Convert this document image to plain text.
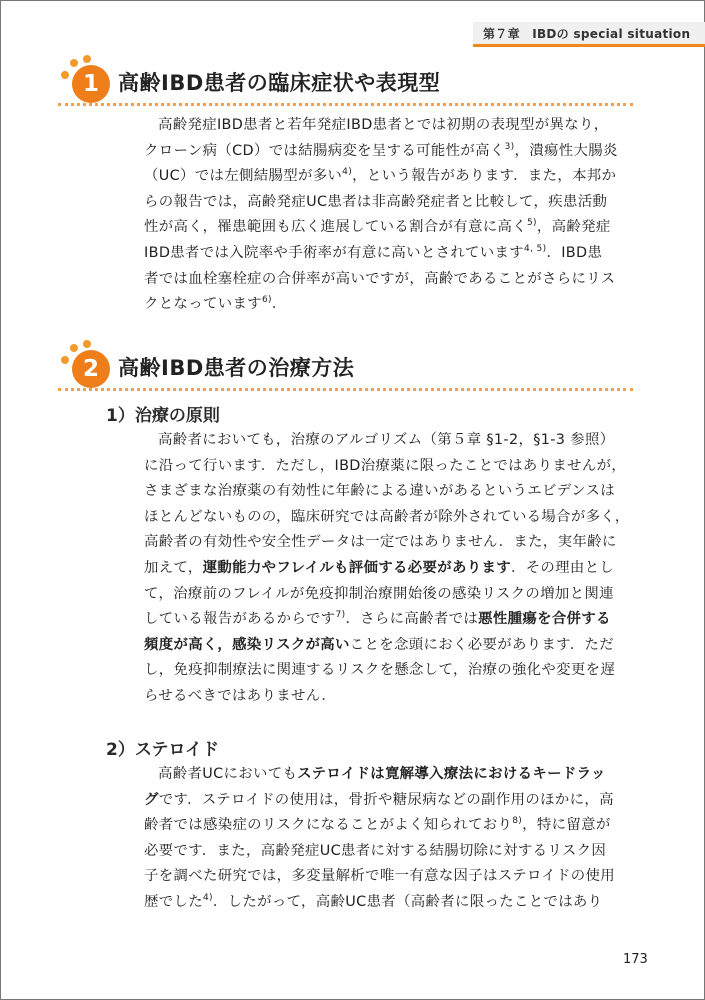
第７章　IBDの special situation
1 高齢IBD患者の臨床症状や表現型
高齢発症IBD患者と若年発症IBD患者とでは初期の表現型が異なり，
クローン病（CD）では結腸病変を呈する可能性が高く$^{3)}$，潰瘍性大腸炎
（UC）では左側結腸型が多い$^{4)}$，という報告があります．また，本邦か
らの報告では，高齢発症UC患者は非高齢発症者と比較して，疾患活動
性が高く，罹患範囲も広く進展している割合が有意に高く$^{5)}$，高齢発症
IBD患者では入院率や手術率が有意に高いとされています$^{4, 5)}$．IBD患
者では血栓塞栓症の合併率が高いですが，高齢であることがさらにリス
クとなっています$^{6)}$．
2 高齢IBD患者の治療方法
1）治療の原則
高齢者においても，治療のアルゴリズム（第５章 §1-2，§1-3 参照）
に沿って行います．ただし，IBD治療薬に限ったことではありませんが，
さまざまな治療薬の有効性に年齢による違いがあるというエビデンスは
ほとんどないものの，臨床研究では高齢者が除外されている場合が多く，
高齢者の有効性や安全性データは一定ではありません．また，実年齢に
加えて，運動能力やフレイルも評価する必要があります．その理由とし
て，治療前のフレイルが免疫抑制治療開始後の感染リスクの増加と関連
している報告があるからです$^{7)}$．さらに高齢者では悪性腫瘍を合併する
頻度が高く，感染リスクが高いことを念頭におく必要があります．ただ
し，免疫抑制療法に関連するリスクを懸念して，治療の強化や変更を遅
らせるべきではありません．
2）ステロイド
高齢者UCにおいてもステロイドは寛解導入療法におけるキードラッ
グです．ステロイドの使用は，骨折や糖尿病などの副作用のほかに，高
齢者では感染症のリスクになることがよく知られており$^{8)}$，特に留意が
必要です．また，高齢発症UC患者に対する結腸切除に対するリスク因
子を調べた研究では，多変量解析で唯一有意な因子はステロイドの使用
歴でした$^{4)}$．したがって，高齢UC患者（高齢者に限ったことではあり
173
